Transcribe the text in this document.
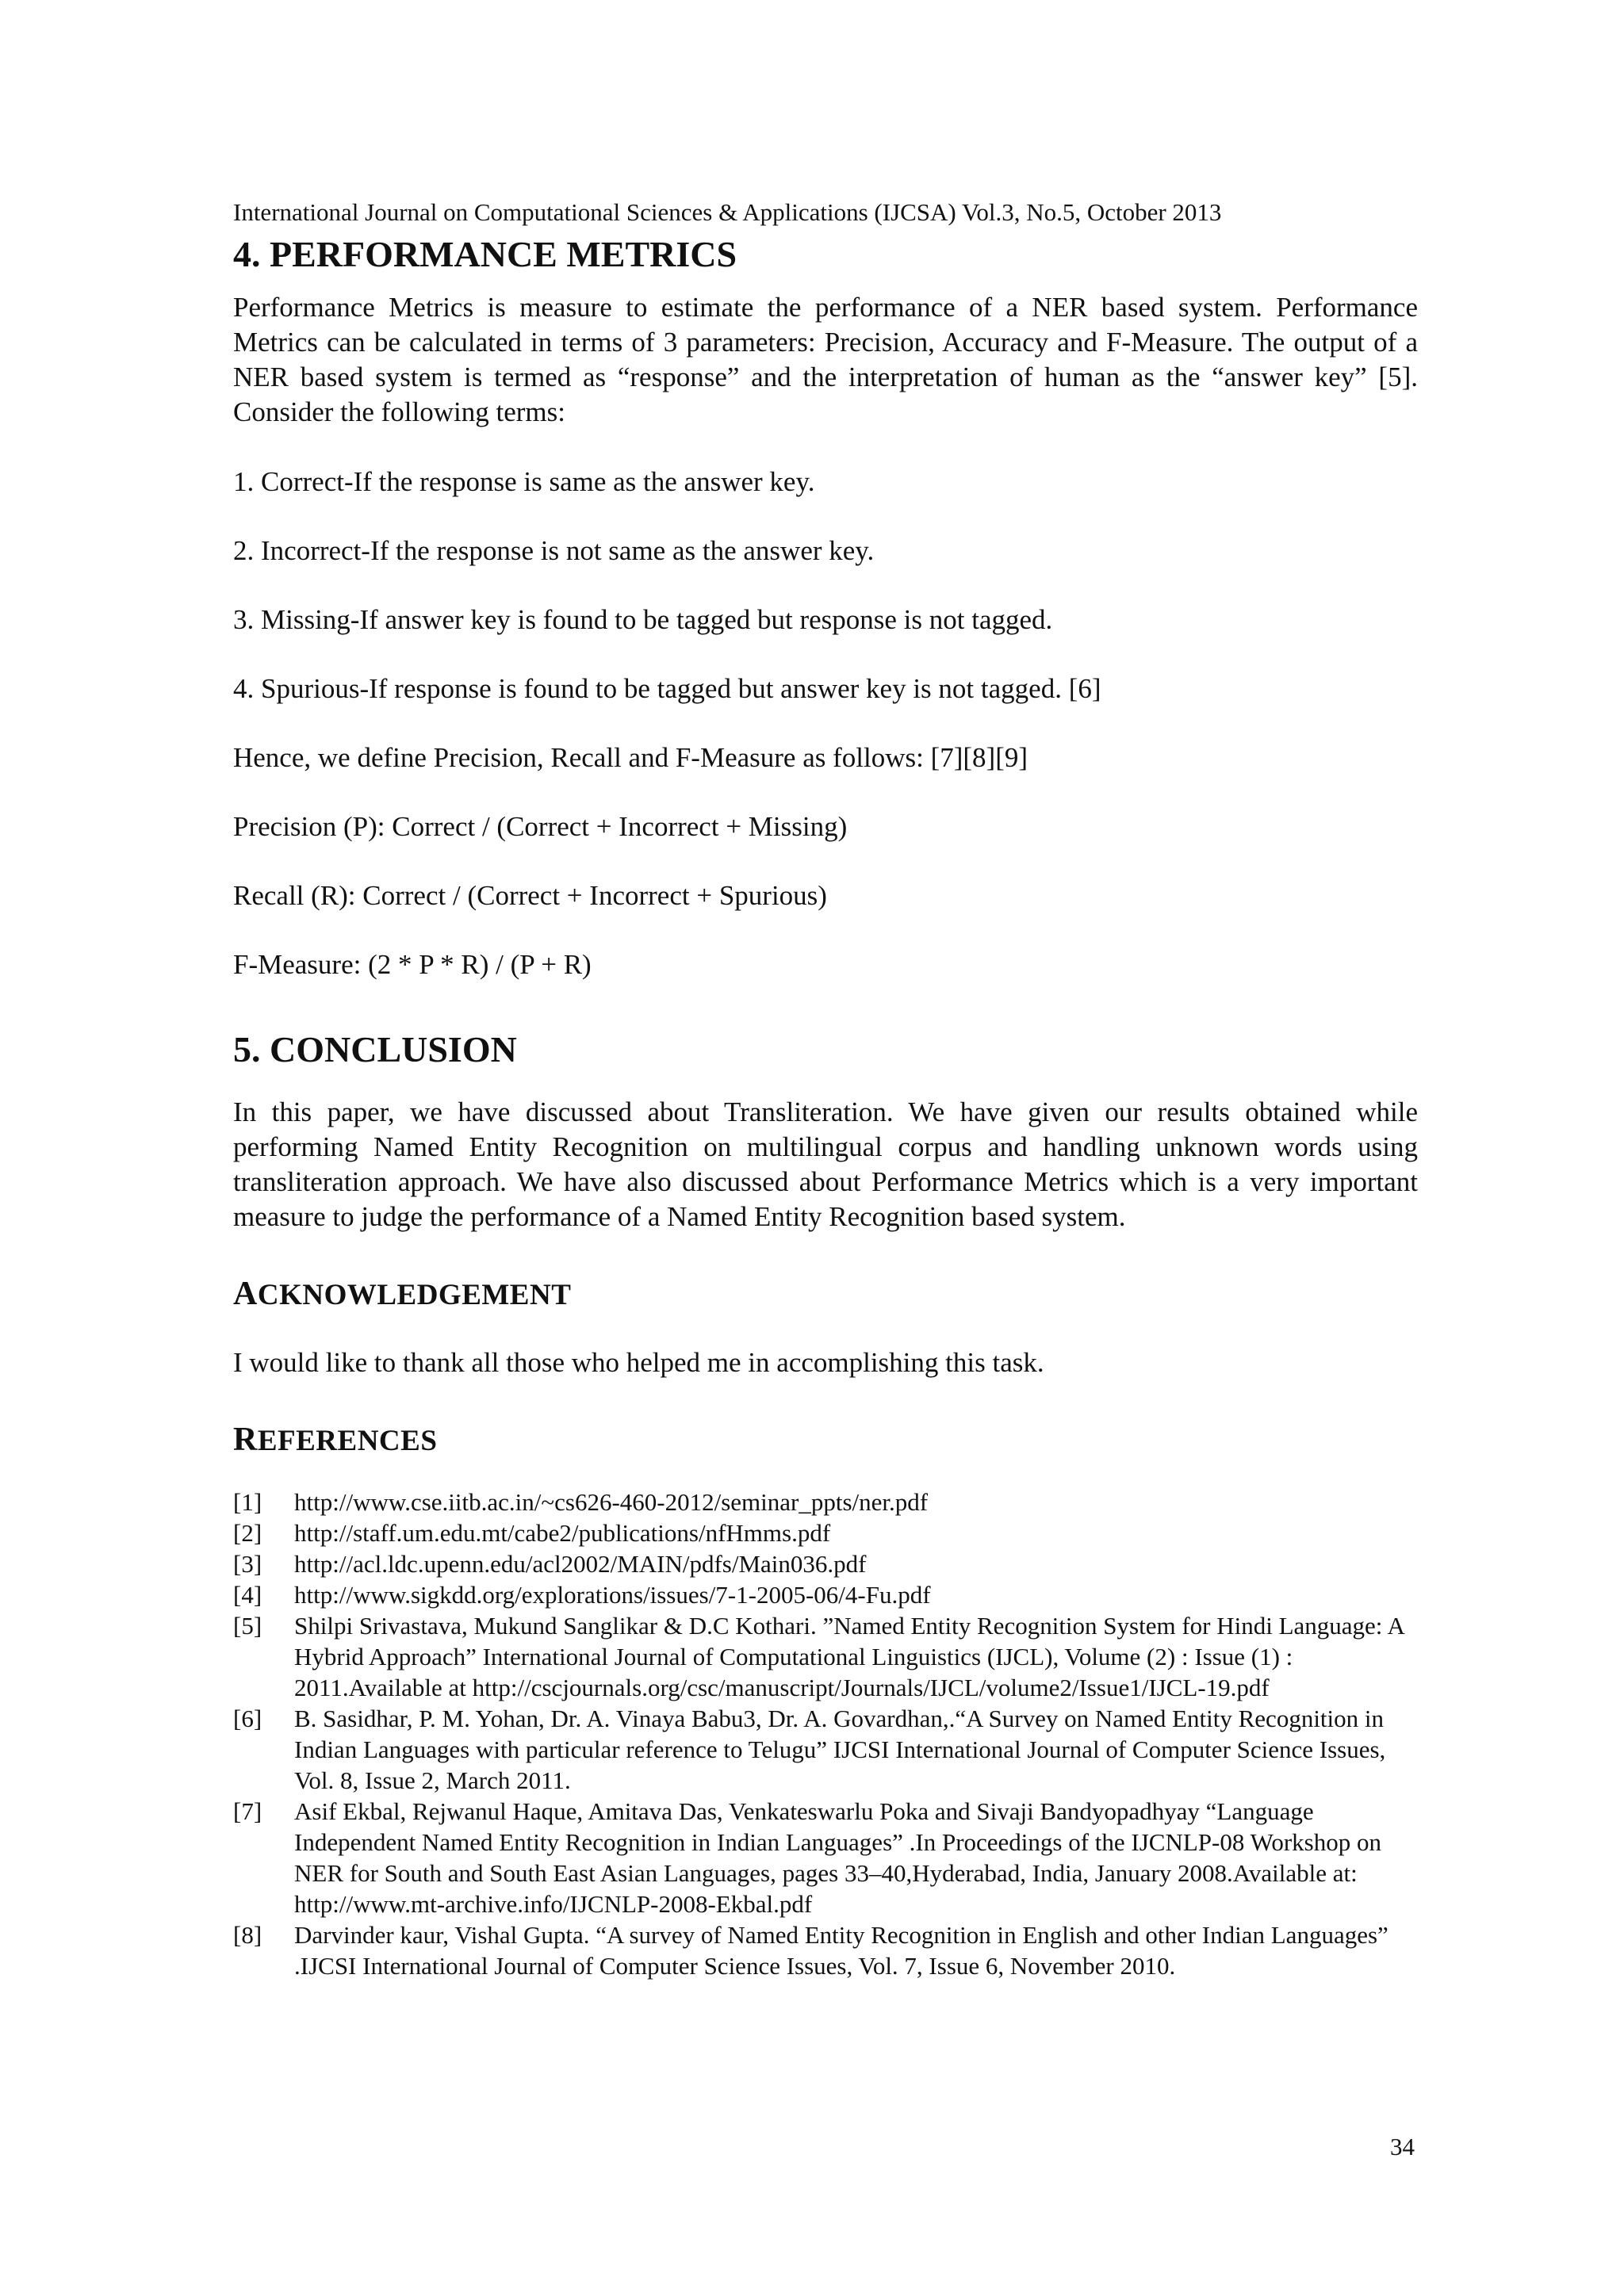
International Journal on Computational Sciences & Applications (IJCSA) Vol.3, No.5, October 2013

4. PERFORMANCE METRICS

Performance Metrics is measure to estimate the performance of a NER based system. Performance Metrics can be calculated in terms of 3 parameters: Precision, Accuracy and F-Measure. The output of a NER based system is termed as “response” and the interpretation of human as the “answer key” [5]. Consider the following terms:

1. Correct-If the response is same as the answer key.

2. Incorrect-If the response is not same as the answer key.

3. Missing-If answer key is found to be tagged but response is not tagged.

4. Spurious-If response is found to be tagged but answer key is not tagged. [6]

Hence, we define Precision, Recall and F-Measure as follows: [7][8][9]

Precision (P): Correct / (Correct + Incorrect + Missing)

Recall (R): Correct / (Correct + Incorrect + Spurious)

F-Measure: (2 * P * R) / (P + R)

5. CONCLUSION

In this paper, we have discussed about Transliteration. We have given our results obtained while performing Named Entity Recognition on multilingual corpus and handling unknown words using transliteration approach. We have also discussed about Performance Metrics which is a very important measure to judge the performance of a Named Entity Recognition based system.

ACKNOWLEDGEMENT

I would like to thank all those who helped me in accomplishing this task.

REFERENCES
[1]	http://www.cse.iitb.ac.in/~cs626-460-2012/seminar_ppts/ner.pdf
[2]	http://staff.um.edu.mt/cabe2/publications/nfHmms.pdf
[3]	http://acl.ldc.upenn.edu/acl2002/MAIN/pdfs/Main036.pdf
[4]	http://www.sigkdd.org/explorations/issues/7-1-2005-06/4-Fu.pdf
[5]	Shilpi Srivastava, Mukund Sanglikar & D.C Kothari. ”Named Entity Recognition System for Hindi Language: A Hybrid Approach” International Journal of Computational Linguistics (IJCL), Volume (2) : Issue (1) : 2011.Available at http://cscjournals.org/csc/manuscript/Journals/IJCL/volume2/Issue1/IJCL-19.pdf
[6]	B. Sasidhar, P. M. Yohan, Dr. A. Vinaya Babu3, Dr. A. Govardhan,.“A Survey on Named Entity Recognition in Indian Languages with particular reference to Telugu” IJCSI International Journal of Computer Science Issues, Vol. 8, Issue 2, March 2011.
[7]	Asif Ekbal, Rejwanul Haque, Amitava Das, Venkateswarlu Poka and Sivaji Bandyopadhyay “Language Independent Named Entity Recognition in Indian Languages” .In Proceedings of the IJCNLP-08 Workshop on NER for South and South East Asian Languages, pages 33–40,Hyderabad, India, January 2008.Available at: http://www.mt-archive.info/IJCNLP-2008-Ekbal.pdf
[8]	Darvinder kaur, Vishal Gupta. “A survey of Named Entity Recognition in English and other Indian Languages” .IJCSI International Journal of Computer Science Issues, Vol. 7, Issue 6, November 2010.
34
